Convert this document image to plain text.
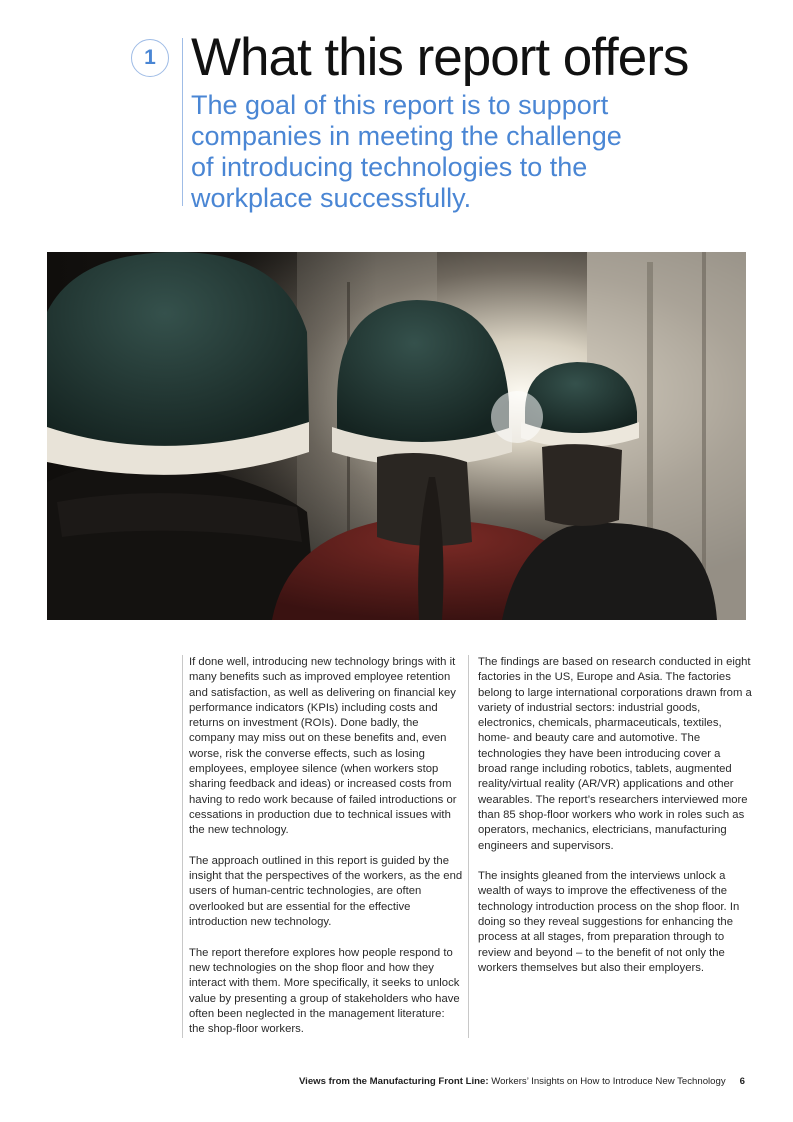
1 What this report offers

The goal of this report is to support companies in meeting the challenge of introducing technologies to the workplace successfully.

If done well, introducing new technology brings with it many benefits such as improved employee retention and satisfaction, as well as delivering on financial key performance indicators (KPIs) including costs and returns on investment (ROIs). Done badly, the company may miss out on these benefits and, even worse, risk the converse effects, such as losing employees, employee silence (when workers stop sharing feedback and ideas) or increased costs from having to redo work because of failed introductions or cessations in production due to technical issues with the new technology.

The approach outlined in this report is guided by the insight that the perspectives of the workers, as the end users of human-centric technologies, are often overlooked but are essential for the effective introduction new technology.

The report therefore explores how people respond to new technologies on the shop floor and how they interact with them. More specifically, it seeks to unlock value by presenting a group of stakeholders who have often been neglected in the management literature: the shop-floor workers.

The findings are based on research conducted in eight factories in the US, Europe and Asia. The factories belong to large international corporations drawn from a variety of industrial sectors: industrial goods, electronics, chemicals, pharmaceuticals, textiles, home- and beauty care and automotive. The technologies they have been introducing cover a broad range including robotics, tablets, augmented reality/virtual reality (AR/VR) applications and other wearables. The report’s researchers interviewed more than 85 shop-floor workers who work in roles such as operators, mechanics, electricians, manufacturing engineers and supervisors.

The insights gleaned from the interviews unlock a wealth of ways to improve the effectiveness of the technology introduction process on the shop floor. In doing so they reveal suggestions for enhancing the process at all stages, from preparation through to review and beyond – to the benefit of not only the workers themselves but also their employers.

Views from the Manufacturing Front Line: Workers’ Insights on How to Introduce New Technology 6
